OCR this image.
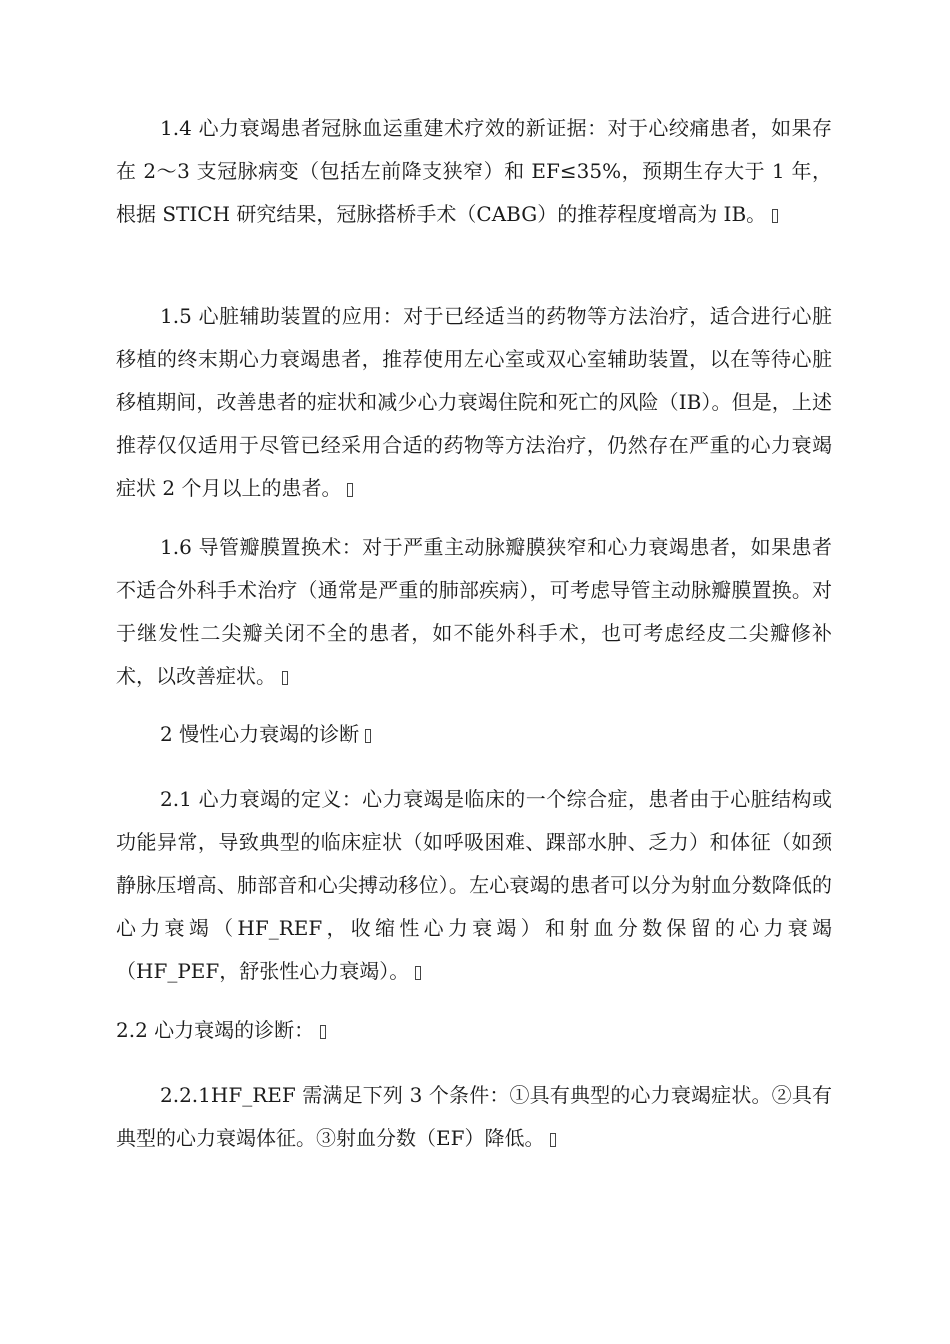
1.4 心力衰竭患者冠脉血运重建术疗效的新证据：对于心绞痛患者，如果存在 2～3 支冠脉病变（包括左前降支狭窄）和 EF≤35%，预期生存大于 1 年，根据 STICH 研究结果，冠脉搭桥手术（CABG）的推荐程度增高为 IB。

1.5 心脏辅助装置的应用：对于已经适当的药物等方法治疗，适合进行心脏移植的终末期心力衰竭患者，推荐使用左心室或双心室辅助装置，以在等待心脏移植期间，改善患者的症状和减少心力衰竭住院和死亡的风险（IB）。但是，上述推荐仅仅适用于尽管已经采用合适的药物等方法治疗，仍然存在严重的心力衰竭症状 2 个月以上的患者。

1.6 导管瓣膜置换术：对于严重主动脉瓣膜狭窄和心力衰竭患者，如果患者不适合外科手术治疗（通常是严重的肺部疾病），可考虑导管主动脉瓣膜置换。对于继发性二尖瓣关闭不全的患者，如不能外科手术，也可考虑经皮二尖瓣修补术，以改善症状。

2 慢性心力衰竭的诊断

2.1 心力衰竭的定义：心力衰竭是临床的一个综合症，患者由于心脏结构或功能异常，导致典型的临床症状（如呼吸困难、踝部水肿、乏力）和体征（如颈静脉压增高、肺部音和心尖搏动移位）。左心衰竭的患者可以分为射血分数降低的心力衰竭（HF_REF，收缩性心力衰竭）和射血分数保留的心力衰竭（HF_PEF，舒张性心力衰竭）。

2.2 心力衰竭的诊断：

2.2.1HF_REF 需满足下列 3 个条件：①具有典型的心力衰竭症状。②具有典型的心力衰竭体征。③射血分数（EF）降低。
